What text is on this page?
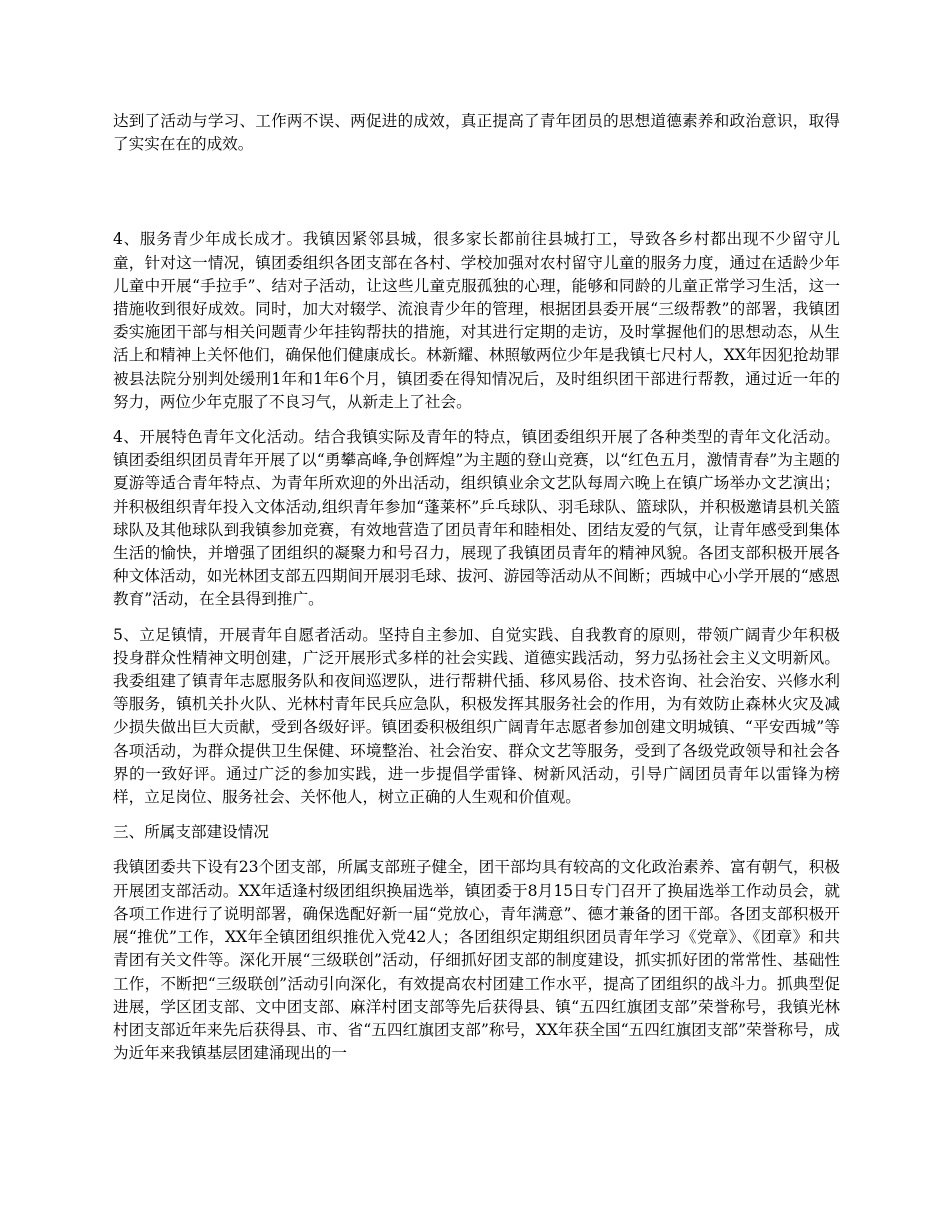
达到了活动与学习、工作两不误、两促进的成效，真正提高了青年团员的思想道德素养和政治意识，取得了实实在在的成效。

4、服务青少年成长成才。我镇因紧邻县城，很多家长都前往县城打工，导致各乡村都出现不少留守儿童，针对这一情况，镇团委组织各团支部在各村、学校加强对农村留守儿童的服务力度，通过在适龄少年儿童中开展“手拉手”、结对子活动，让这些儿童克服孤独的心理，能够和同龄的儿童正常学习生活，这一措施收到很好成效。同时，加大对辍学、流浪青少年的管理，根据团县委开展“三级帮教”的部署，我镇团委实施团干部与相关问题青少年挂钩帮扶的措施，对其进行定期的走访，及时掌握他们的思想动态，从生活上和精神上关怀他们，确保他们健康成长。林新耀、林照敏两位少年是我镇七尺村人，XX年因犯抢劫罪被县法院分别判处缓刑1年和1年6个月，镇团委在得知情况后，及时组织团干部进行帮教，通过近一年的努力，两位少年克服了不良习气，从新走上了社会。

4、开展特色青年文化活动。结合我镇实际及青年的特点，镇团委组织开展了各种类型的青年文化活动。镇团委组织团员青年开展了以“勇攀高峰,争创辉煌”为主题的登山竞赛，以“红色五月，激情青春”为主题的夏游等适合青年特点、为青年所欢迎的外出活动，组织镇业余文艺队每周六晚上在镇广场举办文艺演出；并积极组织青年投入文体活动,组织青年参加“蓬莱杯”乒乓球队、羽毛球队、篮球队，并积极邀请县机关篮球队及其他球队到我镇参加竞赛，有效地营造了团员青年和睦相处、团结友爱的气氛，让青年感受到集体生活的愉快，并增强了团组织的凝聚力和号召力，展现了我镇团员青年的精神风貌。各团支部积极开展各种文体活动，如光林团支部五四期间开展羽毛球、拔河、游园等活动从不间断；西城中心小学开展的“感恩教育”活动，在全县得到推广。

5、立足镇情，开展青年自愿者活动。坚持自主参加、自觉实践、自我教育的原则，带领广阔青少年积极投身群众性精神文明创建，广泛开展形式多样的社会实践、道德实践活动，努力弘扬社会主义文明新风。我委组建了镇青年志愿服务队和夜间巡逻队，进行帮耕代插、移风易俗、技术咨询、社会治安、兴修水利等服务，镇机关扑火队、光林村青年民兵应急队，积极发挥其服务社会的作用，为有效防止森林火灾及减少损失做出巨大贡献，受到各级好评。镇团委积极组织广阔青年志愿者参加创建文明城镇、“平安西城”等各项活动，为群众提供卫生保健、环境整治、社会治安、群众文艺等服务，受到了各级党政领导和社会各界的一致好评。通过广泛的参加实践，进一步提倡学雷锋、树新风活动，引导广阔团员青年以雷锋为榜样，立足岗位、服务社会、关怀他人，树立正确的人生观和价值观。

三、所属支部建设情况

我镇团委共下设有23个团支部，所属支部班子健全，团干部均具有较高的文化政治素养、富有朝气，积极开展团支部活动。XX年适逢村级团组织换届选举，镇团委于8月15日专门召开了换届选举工作动员会，就各项工作进行了说明部署，确保选配好新一届“党放心，青年满意”、德才兼备的团干部。各团支部积极开展“推优”工作，XX年全镇团组织推优入党42人；各团组织定期组织团员青年学习《党章》、《团章》和共青团有关文件等。深化开展“三级联创”活动，仔细抓好团支部的制度建设，抓实抓好团的常常性、基础性工作，不断把“三级联创”活动引向深化，有效提高农村团建工作水平，提高了团组织的战斗力。抓典型促进展，学区团支部、文中团支部、麻洋村团支部等先后获得县、镇“五四红旗团支部”荣誉称号，我镇光林村团支部近年来先后获得县、市、省“五四红旗团支部”称号，XX年获全国“五四红旗团支部”荣誉称号，成为近年来我镇基层团建涌现出的一
